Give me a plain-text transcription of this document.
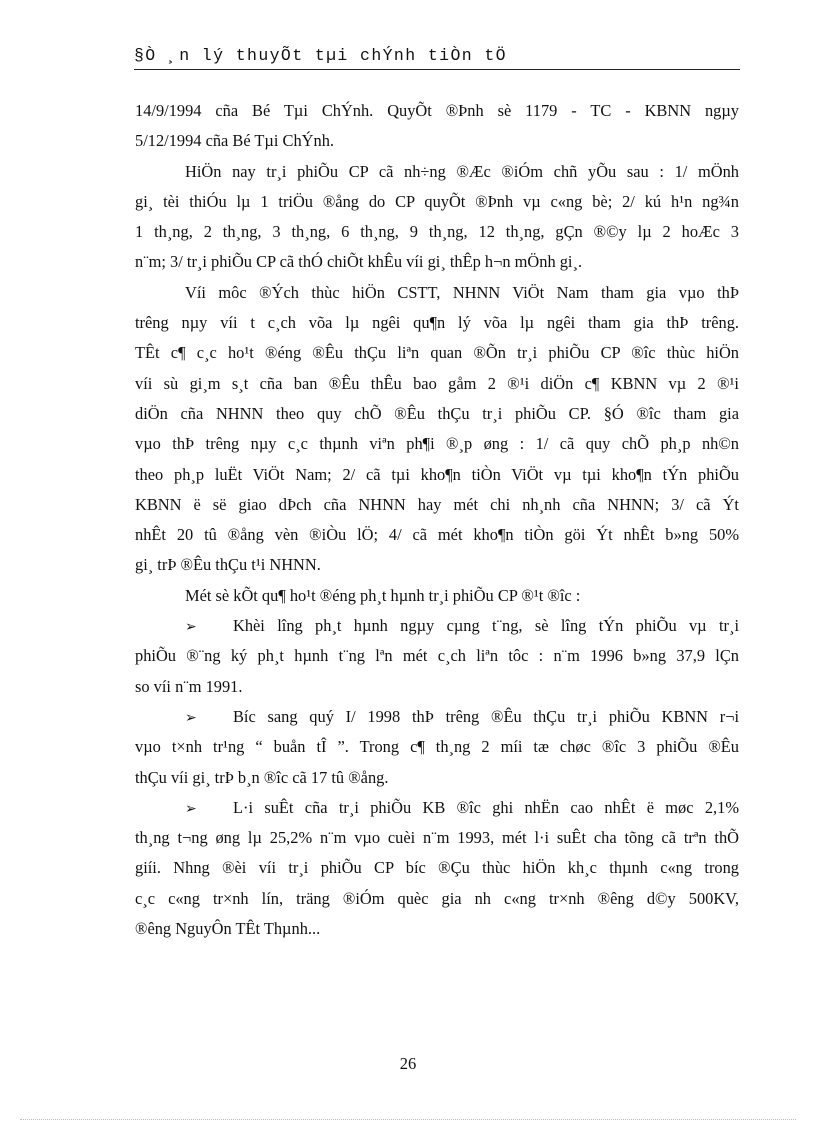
§Ò ¸n lý thuyÕt tµi chÝnh tiÒn tÖ
14/9/1994 cña Bé Tµi ChÝnh. QuyÕt ®Þnh sè 1179 - TC - KBNN ngµy
5/12/1994 cña Bé Tµi ChÝnh.
HiÖn nay tr¸i phiÕu CP cã nh÷ng ®Æc ®iÓm chñ yÕu sau : 1/ mÖnh
gi¸ tèi thiÓu lµ 1 triÖu ®ång do CP quyÕt ®Þnh vµ c«ng bè; 2/ kú h¹n ng¾n
1 th¸ng, 2 th¸ng, 3 th¸ng, 6 th¸ng, 9 th¸ng, 12 th¸ng, gÇn ®©y lµ 2 hoÆc 3
n¨m; 3/ tr¸i phiÕu CP cã thÓ chiÕt khÊu víi gi¸ thÊp h¬n mÖnh gi¸.
Víi môc ®Ých thùc hiÖn CSTT, NHNN ViÖt Nam tham gia vµo thÞ
trêng nµy víi t c¸ch võa lµ ngêi qu¶n lý võa lµ ngêi tham gia thÞ trêng.
TÊt c¶ c¸c ho¹t ®éng ®Êu thÇu liªn quan ®Õn tr¸i phiÕu CP ®îc thùc hiÖn
víi sù gi¸m s¸t cña ban ®Êu thÊu bao gåm 2 ®¹i diÖn c¶ KBNN vµ 2 ®¹i
diÖn cña NHNN theo quy chÕ ®Êu thÇu tr¸i phiÕu CP. §Ó ®îc tham gia
vµo thÞ trêng nµy c¸c thµnh viªn ph¶i ®¸p øng : 1/ cã quy chÕ ph¸p nh©n
theo ph¸p luËt ViÖt Nam; 2/ cã tµi kho¶n tiÒn ViÖt vµ tµi kho¶n tÝn phiÕu
KBNN ë së giao dÞch cña NHNN hay mét chi nh¸nh cña NHNN; 3/ cã Ýt
nhÊt 20 tû ®ång vèn ®iÒu lÖ; 4/ cã mét kho¶n tiÒn göi Ýt nhÊt b»ng 50%
gi¸ trÞ ®Êu thÇu t¹i NHNN.
Mét sè kÕt qu¶ ho¹t ®éng ph¸t hµnh tr¸i phiÕu CP ®¹t ®îc :
➢ Khèi lîng ph¸t hµnh ngµy cµng t¨ng, sè lîng tÝn phiÕu vµ tr¸i
phiÕu ®¨ng ký ph¸t hµnh t¨ng lªn mét c¸ch liªn tôc : n¨m 1996 b»ng 37,9 lÇn
so víi n¨m 1991.
➢ Bíc sang quý I/ 1998 thÞ trêng ®Êu thÇu tr¸i phiÕu KBNN r¬i
vµo t×nh tr¹ng “ buån tÎ ”. Trong c¶ th¸ng 2 míi tæ chøc ®îc 3 phiÕu ®Êu
thÇu víi gi¸ trÞ b¸n ®îc cã 17 tû ®ång.
➢ L·i suÊt cña tr¸i phiÕu KB ®îc ghi nhËn cao nhÊt ë møc 2,1%
th¸ng t¬ng øng lµ 25,2% n¨m vµo cuèi n¨m 1993, mét l·i suÊt cha tõng cã trªn thÕ
giíi. Nhng ®èi víi tr¸i phiÕu CP bíc ®Çu thùc hiÖn kh¸c thµnh c«ng trong
c¸c c«ng tr×nh lín, träng ®iÓm quèc gia nh c«ng tr×nh ®êng d©y 500KV,
®êng NguyÔn TÊt Thµnh...
26
